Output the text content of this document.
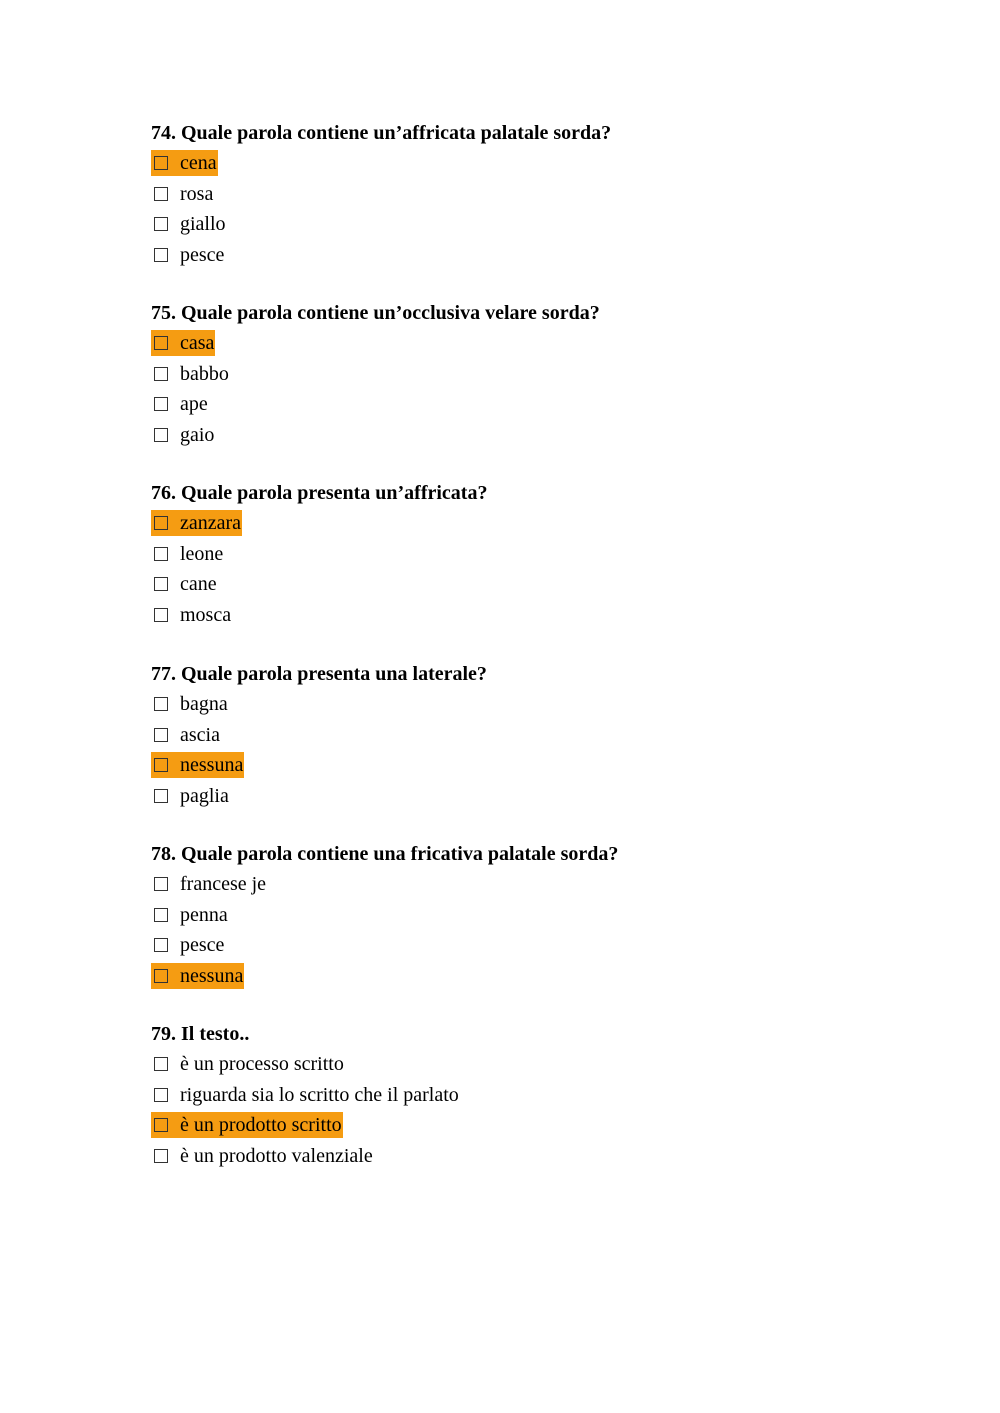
74. Quale parola contiene un’affricata palatale sorda?
cena
rosa
giallo
pesce
75. Quale parola contiene un’occlusiva velare sorda?
casa
babbo
ape
gaio
76. Quale parola presenta un’affricata?
zanzara
leone
cane
mosca
77. Quale parola presenta una laterale?
bagna
ascia
nessuna
paglia
78. Quale parola contiene una fricativa palatale sorda?
francese je
penna
pesce
nessuna
79. Il testo..
è un processo scritto
riguarda sia lo scritto che il parlato
è un prodotto scritto
è un prodotto valenziale
